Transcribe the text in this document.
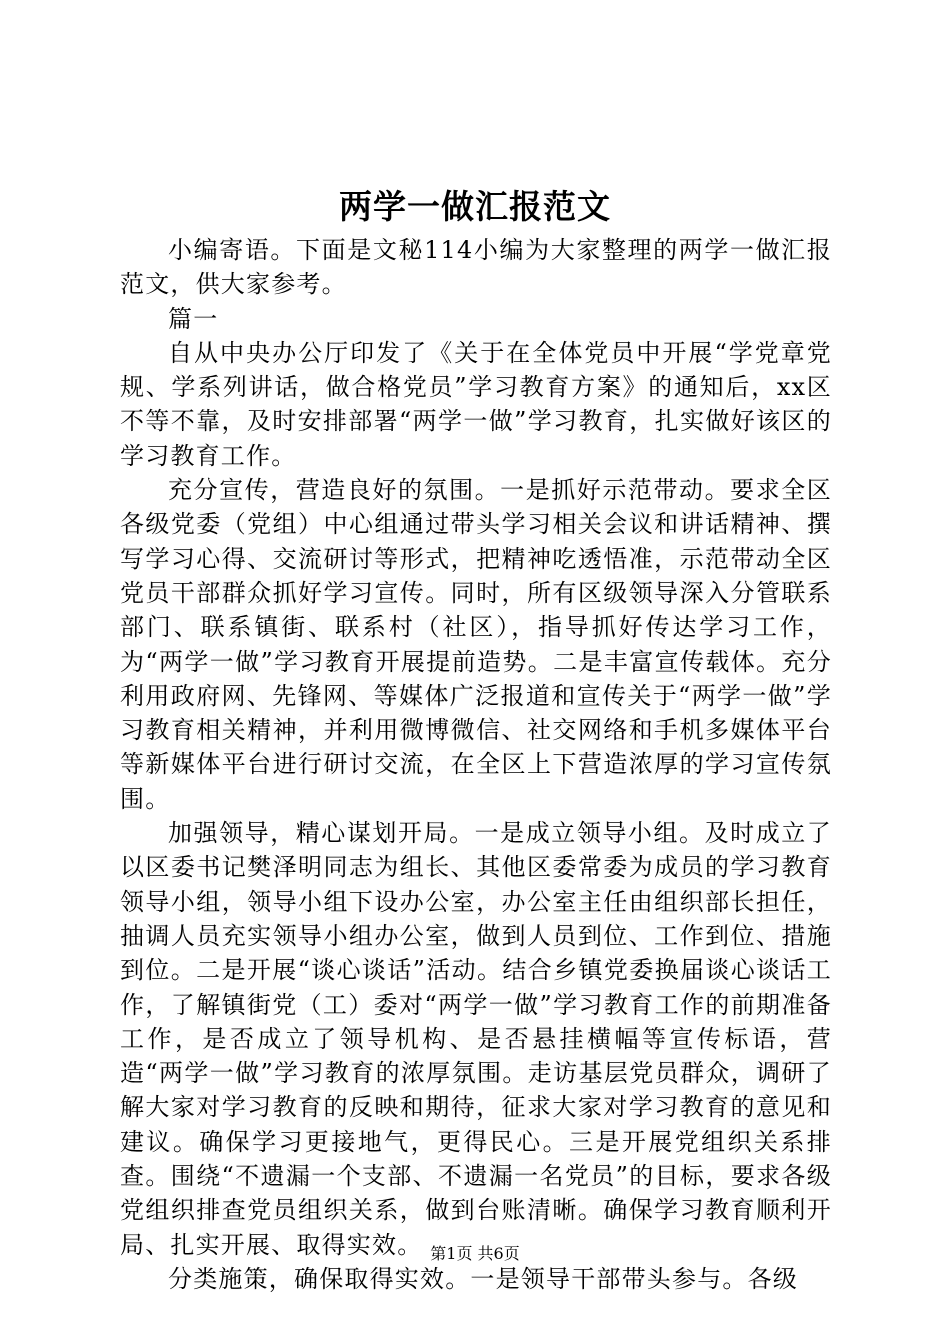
两学一做汇报范文

小编寄语。下面是文秘114小编为大家整理的两学一做汇报范文，供大家参考。

篇一

自从中央办公厅印发了《关于在全体党员中开展“学党章党规、学系列讲话，做合格党员”学习教育方案》的通知后，xx区不等不靠，及时安排部署“两学一做”学习教育，扎实做好该区的学习教育工作。

充分宣传，营造良好的氛围。一是抓好示范带动。要求全区各级党委（党组）中心组通过带头学习相关会议和讲话精神、撰写学习心得、交流研讨等形式，把精神吃透悟准，示范带动全区党员干部群众抓好学习宣传。同时，所有区级领导深入分管联系部门、联系镇街、联系村（社区），指导抓好传达学习工作，为“两学一做”学习教育开展提前造势。二是丰富宣传载体。充分利用政府网、先锋网、等媒体广泛报道和宣传关于“两学一做”学习教育相关精神，并利用微博微信、社交网络和手机多媒体平台等新媒体平台进行研讨交流，在全区上下营造浓厚的学习宣传氛围。

加强领导，精心谋划开局。一是成立领导小组。及时成立了以区委书记樊泽明同志为组长、其他区委常委为成员的学习教育领导小组，领导小组下设办公室，办公室主任由组织部长担任，抽调人员充实领导小组办公室，做到人员到位、工作到位、措施到位。二是开展“谈心谈话”活动。结合乡镇党委换届谈心谈话工作，了解镇街党（工）委对“两学一做”学习教育工作的前期准备工作，是否成立了领导机构、是否悬挂横幅等宣传标语，营造“两学一做”学习教育的浓厚氛围。走访基层党员群众，调研了解大家对学习教育的反映和期待，征求大家对学习教育的意见和建议。确保学习更接地气，更得民心。三是开展党组织关系排查。围绕“不遗漏一个支部、不遗漏一名党员”的目标，要求各级党组织排查党员组织关系，做到台账清晰。确保学习教育顺利开局、扎实开展、取得实效。

分类施策，确保取得实效。一是领导干部带头参与。各级

第1页 共6页
